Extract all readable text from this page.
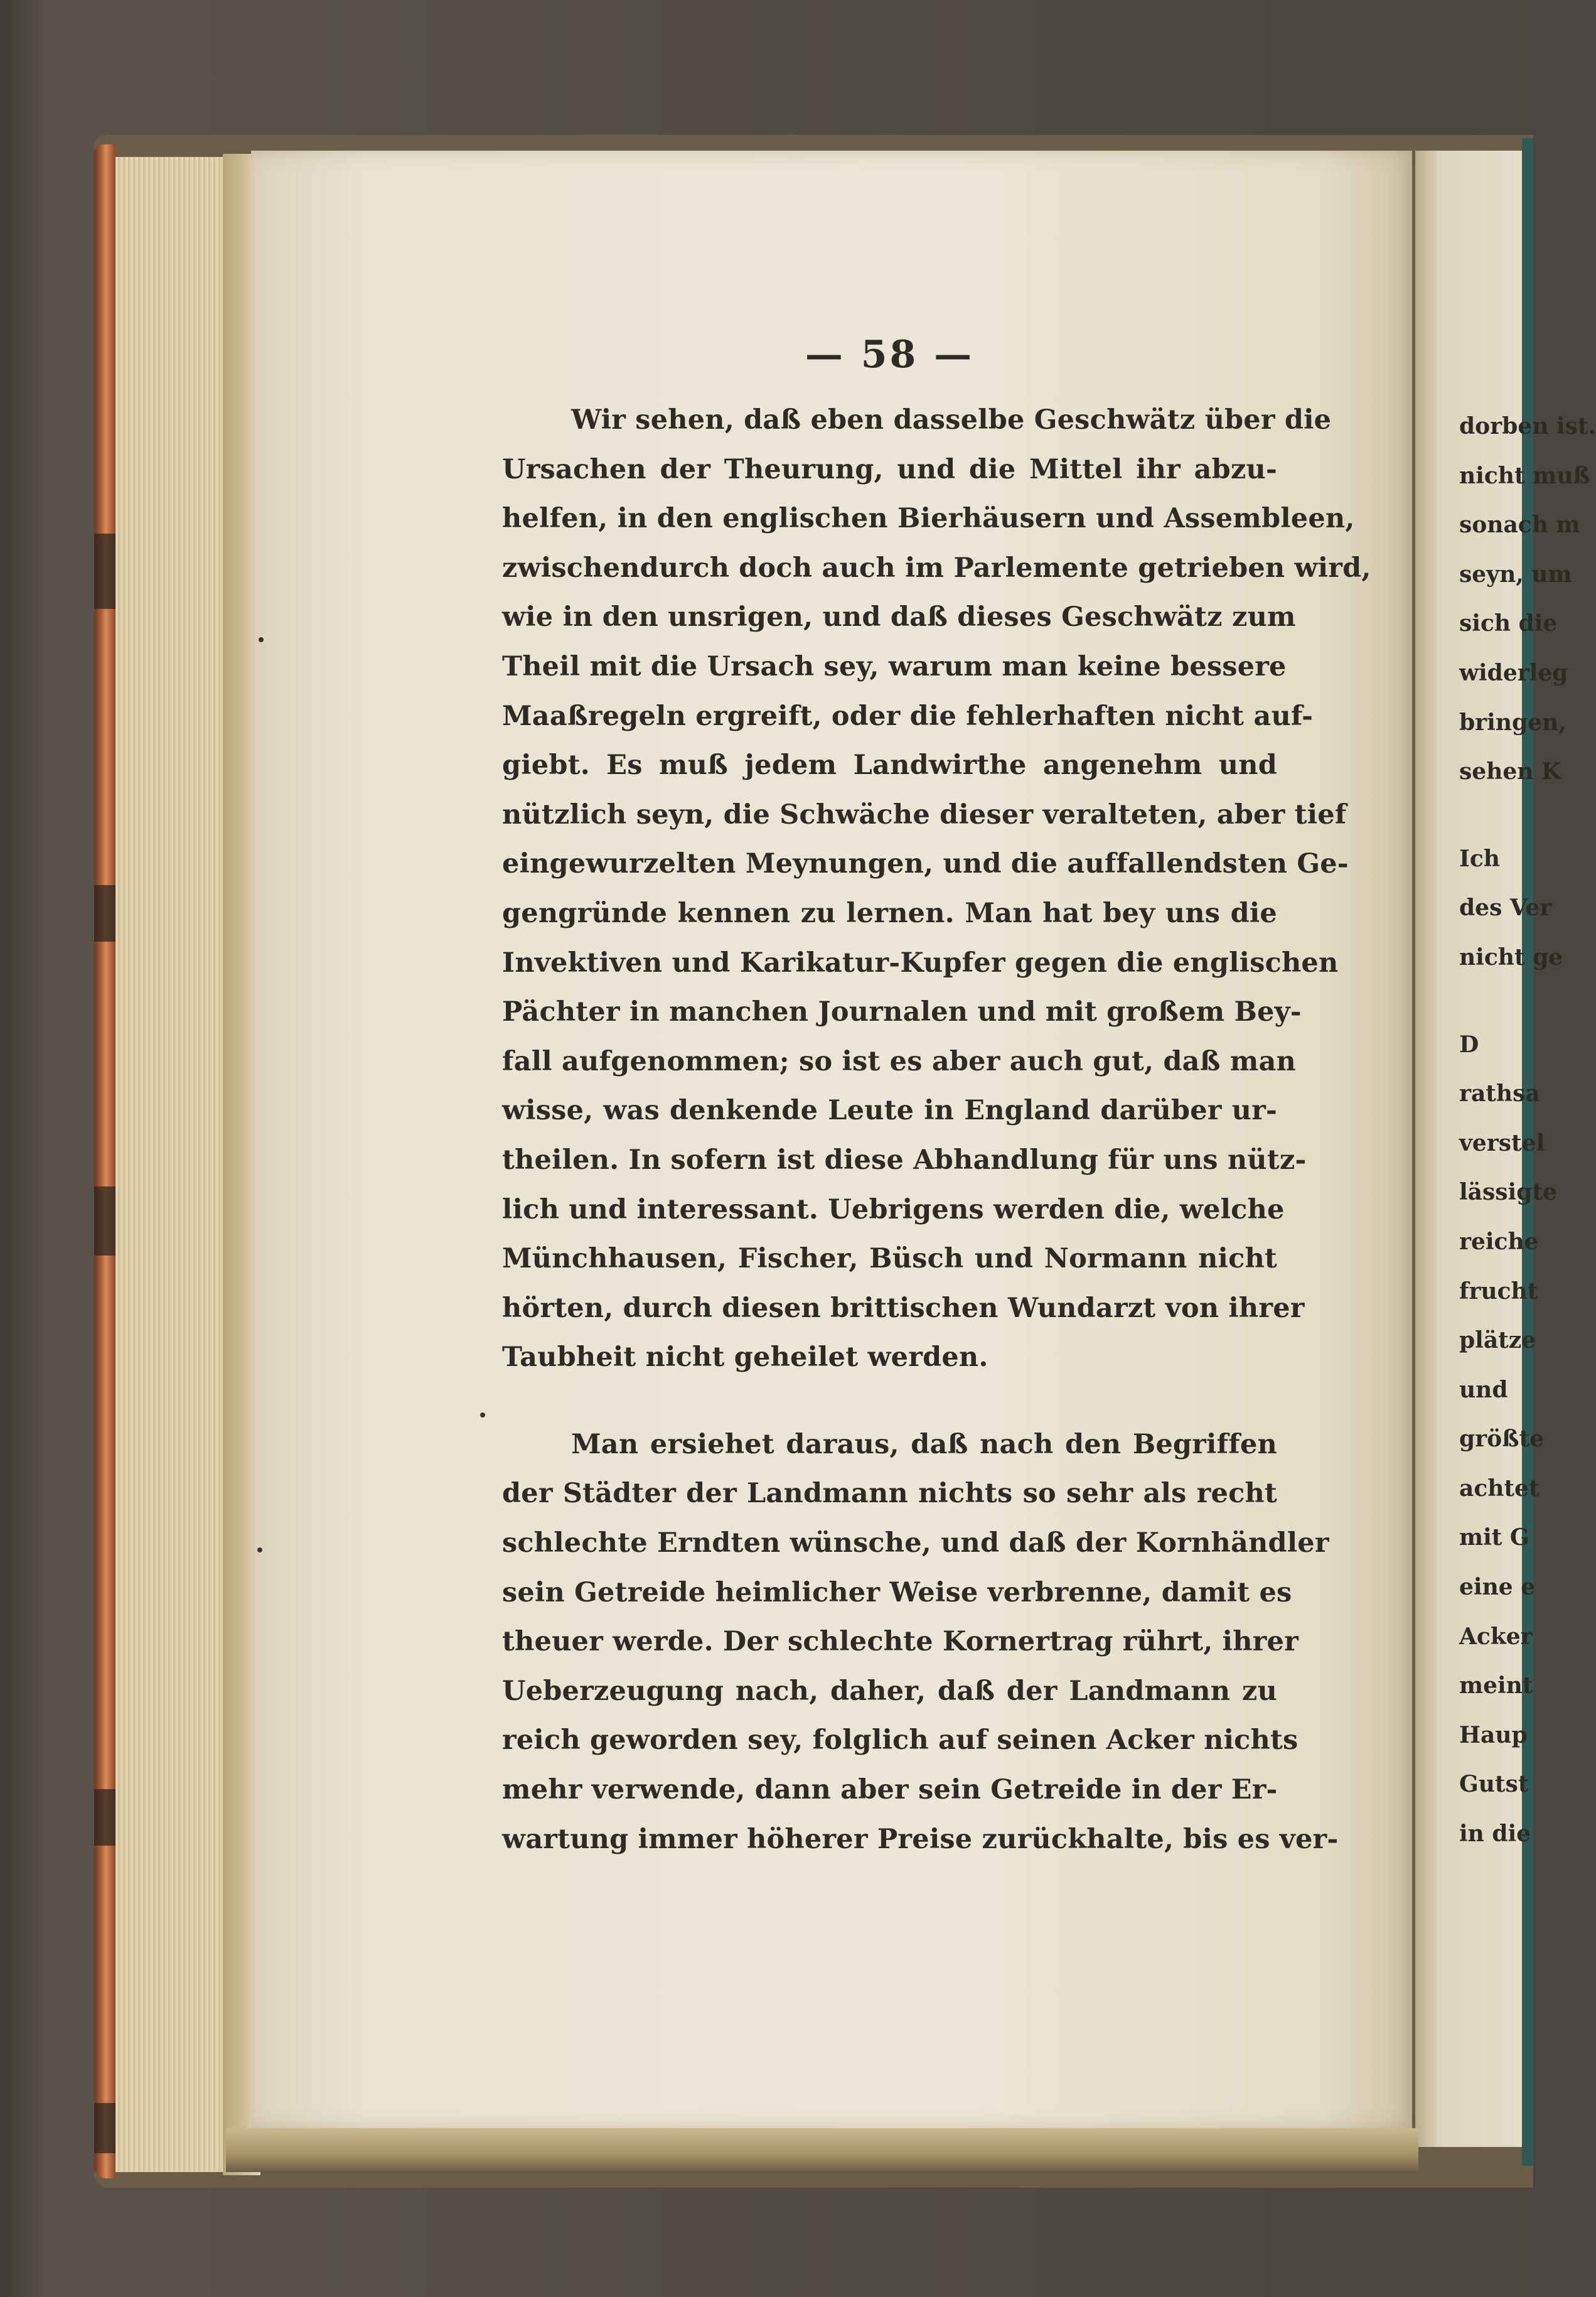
— 58 —
Wir sehen, daß eben dasselbe Geschwätz über die
Ursachen der Theurung, und die Mittel ihr abzu-
helfen, in den englischen Bierhäusern und Assembleen,
zwischendurch doch auch im Parlemente getrieben wird,
wie in den unsrigen, und daß dieses Geschwätz zum
Theil mit die Ursach sey, warum man keine bessere
Maaßregeln ergreift, oder die fehlerhaften nicht auf-
giebt. Es muß jedem Landwirthe angenehm und
nützlich seyn, die Schwäche dieser veralteten, aber tief
eingewurzelten Meynungen, und die auffallendsten Ge-
gengründe kennen zu lernen. Man hat bey uns die
Invektiven und Karikatur-Kupfer gegen die englischen
Pächter in manchen Journalen und mit großem Bey-
fall aufgenommen; so ist es aber auch gut, daß man
wisse, was denkende Leute in England darüber ur-
theilen. In sofern ist diese Abhandlung für uns nütz-
lich und interessant. Uebrigens werden die, welche
Münchhausen, Fischer, Büsch und Normann nicht
hörten, durch diesen brittischen Wundarzt von ihrer
Taubheit nicht geheilet werden.
Man ersiehet daraus, daß nach den Begriffen
der Städter der Landmann nichts so sehr als recht
schlechte Erndten wünsche, und daß der Kornhändler
sein Getreide heimlicher Weise verbrenne, damit es
theuer werde. Der schlechte Kornertrag rührt, ihrer
Ueberzeugung nach, daher, daß der Landmann zu
reich geworden sey, folglich auf seinen Acker nichts
mehr verwende, dann aber sein Getreide in der Er-
wartung immer höherer Preise zurückhalte, bis es ver-
dorben ist.
nicht muß
sonach m
seyn, um
sich die
widerleg
bringen,
sehen K
Ich
des Ver
nicht ge
D
rathsa
verstel
lässigte
reiche
frucht
plätze
und
größte
achtet
mit G
eine e
Acker
meint
Haup
Gutst
in die
